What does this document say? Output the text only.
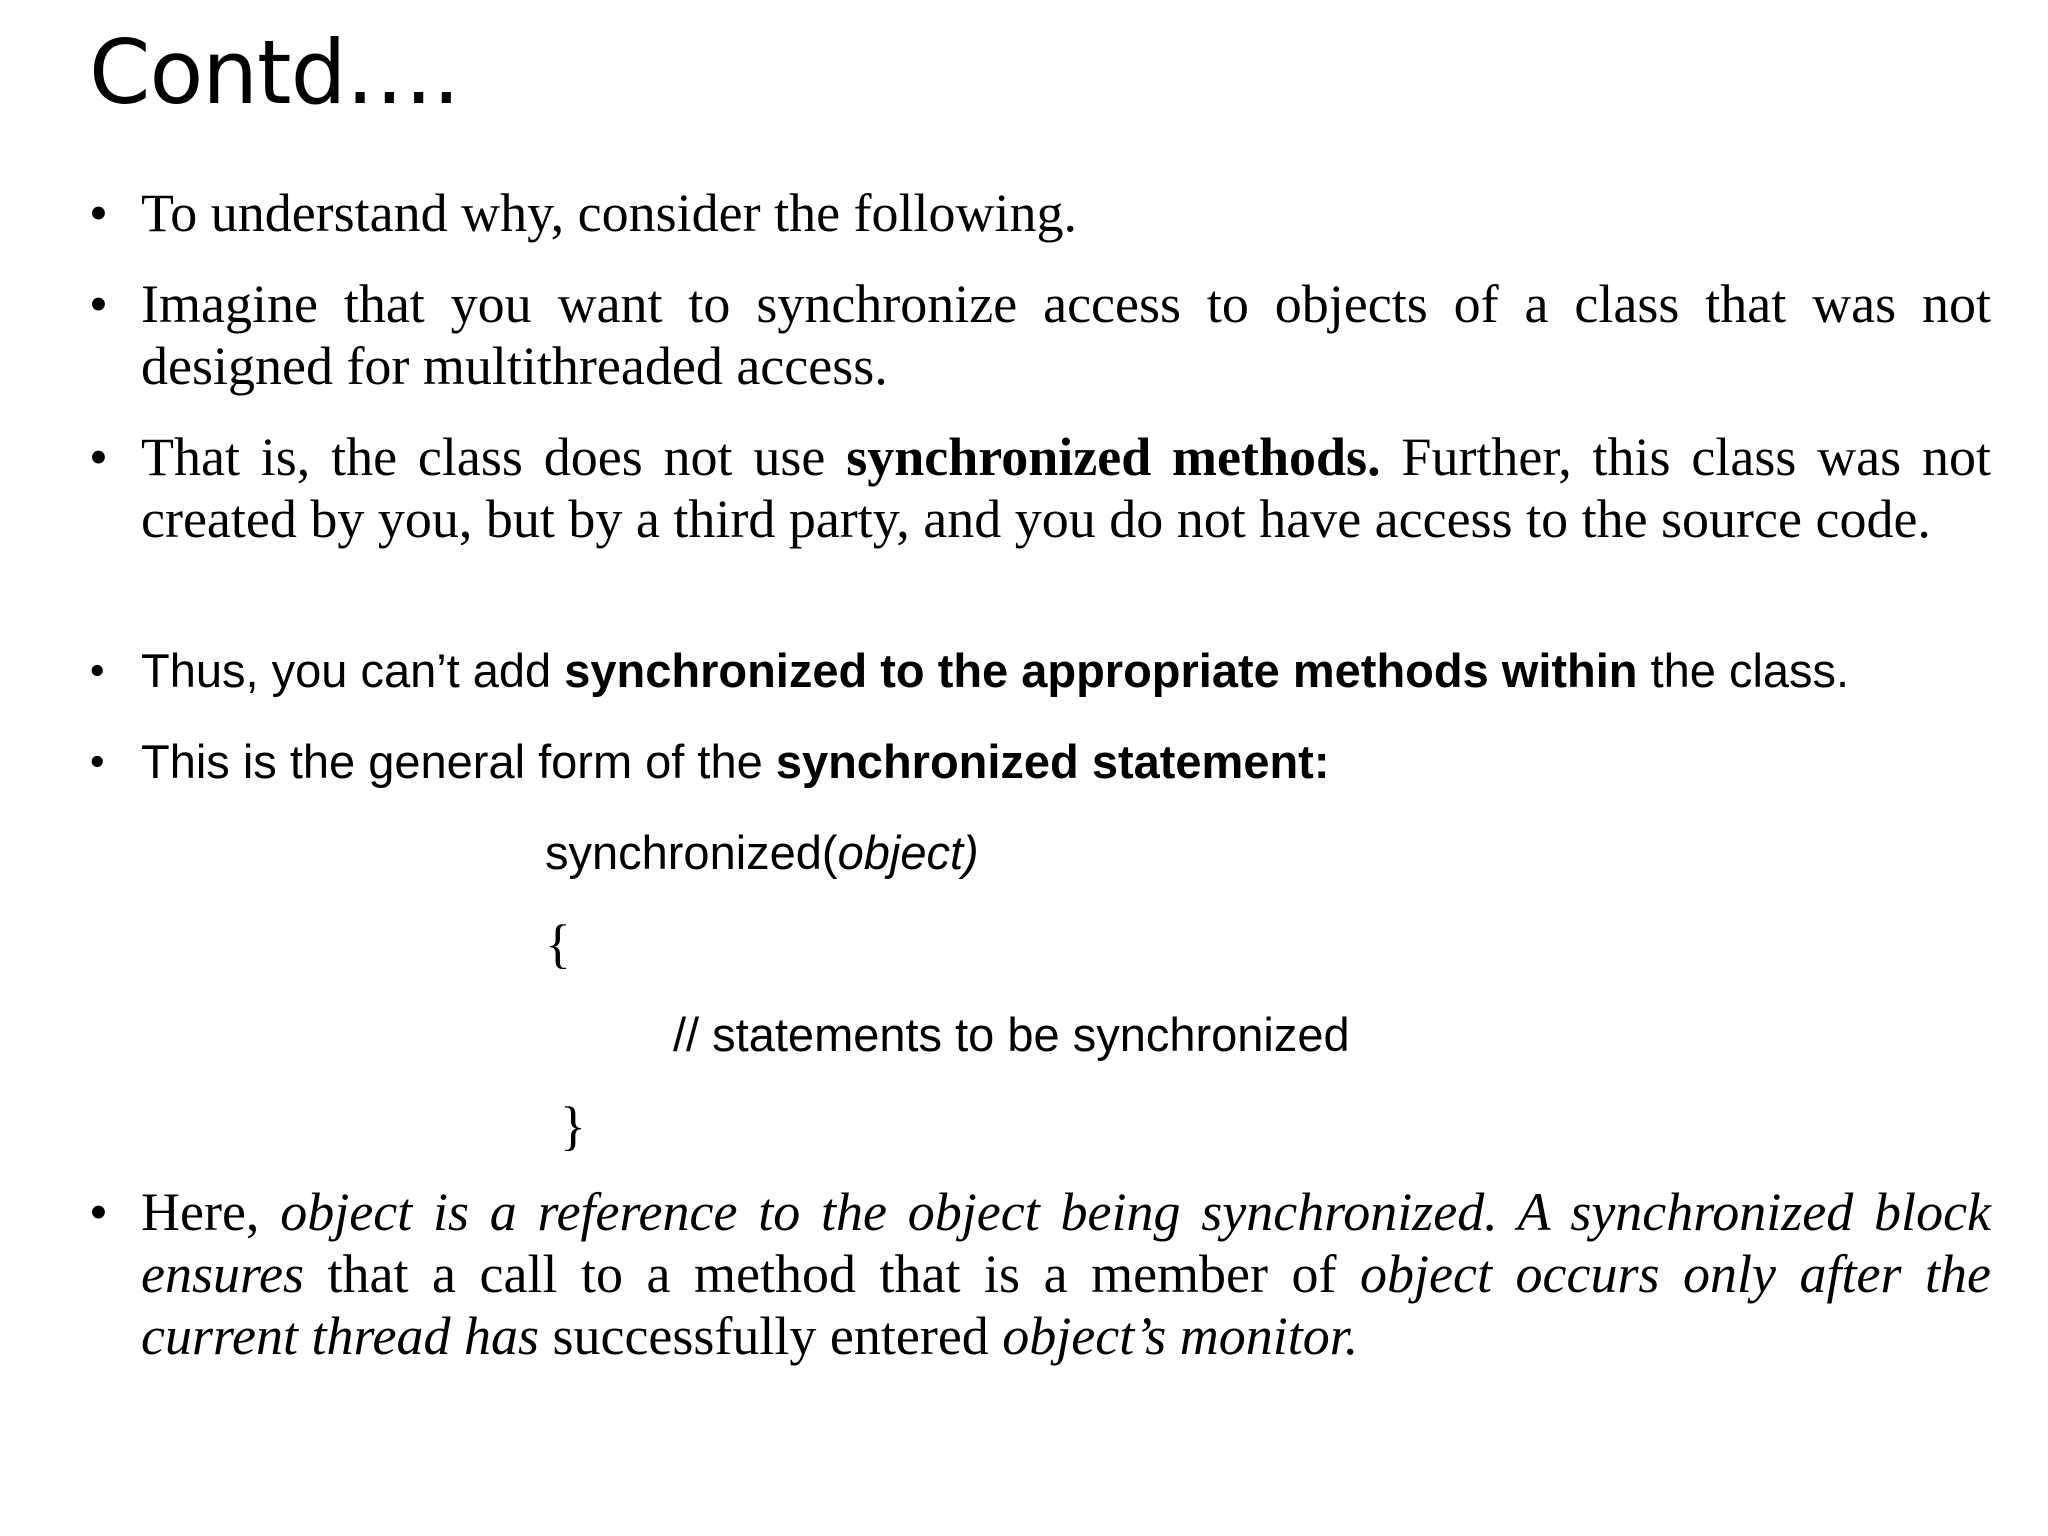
Contd….

• To understand why, consider the following.

• Imagine that you want to synchronize access to objects of a class that was not designed for multithreaded access.

• That is, the class does not use synchronized methods. Further, this class was not created by you, but by a third party, and you do not have access to the source code.

• Thus, you can’t add synchronized to the appropriate methods within the class.

• This is the general form of the synchronized statement:

synchronized(object)
{
// statements to be synchronized
}

• Here, object is a reference to the object being synchronized. A synchronized block ensures that a call to a method that is a member of object occurs only after the current thread has successfully entered object’s monitor.
